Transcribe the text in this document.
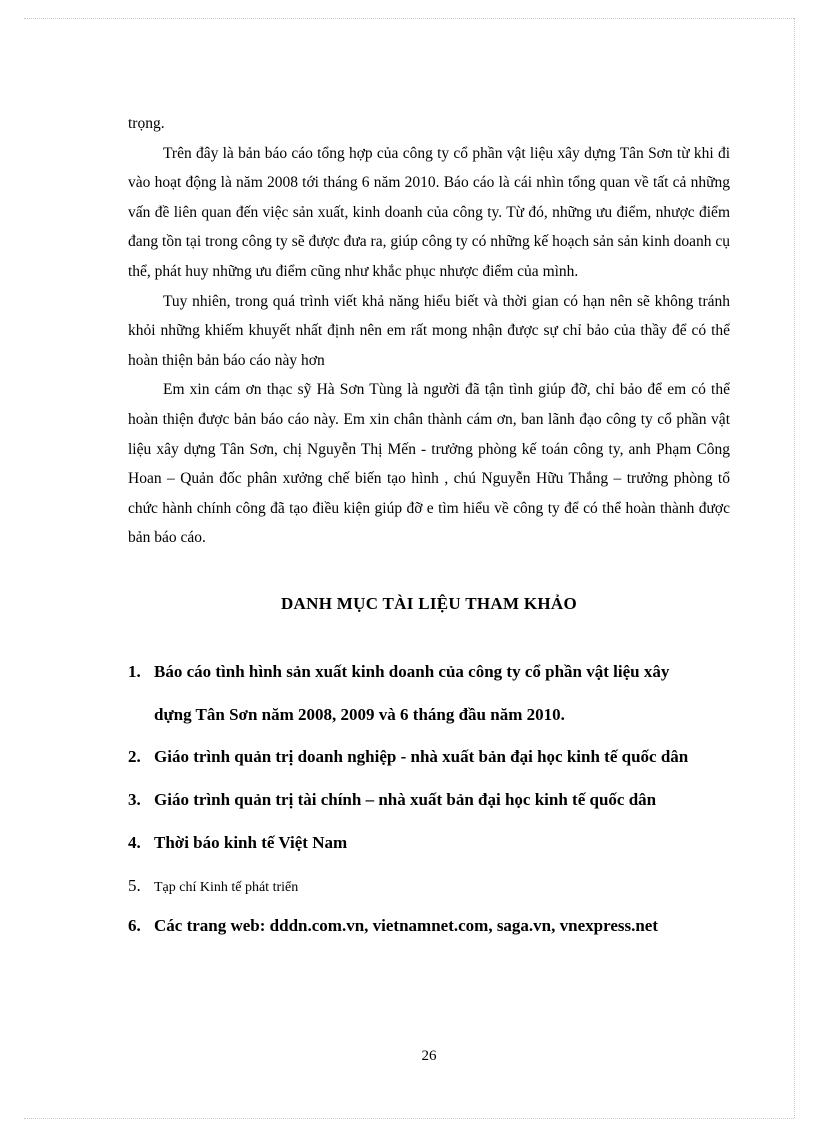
trọng.

Trên đây là bản báo cáo tổng hợp của công ty cổ phần vật liệu xây dựng Tân Sơn từ khi đi vào hoạt động là năm 2008 tới tháng 6 năm 2010. Báo cáo là cái nhìn tổng quan về tất cả những vấn đề liên quan đến việc sản xuất, kinh doanh của công ty. Từ đó, những ưu điểm, nhược điểm đang tồn tại trong công ty sẽ được đưa ra, giúp công ty có những kế hoạch sản sản kinh doanh cụ thể, phát huy những ưu điểm cũng như khắc phục nhược điểm của mình.

Tuy nhiên, trong quá trình viết khả năng hiểu biết và thời gian có hạn nên sẽ không tránh khỏi những khiếm khuyết nhất định nên em rất mong nhận được sự chỉ bảo của thầy để có thể hoàn thiện bản báo cáo này hơn

Em xin cám ơn thạc sỹ Hà Sơn Tùng là người đã tận tình giúp đỡ, chỉ bảo để em có thể hoàn thiện được bản báo cáo này. Em xin chân thành cám ơn, ban lãnh đạo công ty cổ phần vật liệu xây dựng Tân Sơn, chị Nguyễn Thị Mến - trưởng phòng kế toán công ty, anh Phạm Công Hoan – Quản đốc phân xưởng chế biến tạo hình , chú Nguyễn Hữu Thắng – trưởng phòng tổ chức hành chính công đã tạo điều kiện giúp đỡ e tìm hiểu về công ty để có thể hoàn thành được bản báo cáo.

DANH MỤC TÀI LIỆU THAM KHẢO
1. Báo cáo tình hình sản xuất kinh doanh của công ty cổ phần vật liệu xây
dựng Tân Sơn năm 2008, 2009 và 6 tháng đầu năm 2010.
2. Giáo trình quản trị doanh nghiệp - nhà xuất bản đại học kinh tế quốc dân
3. Giáo trình quản trị tài chính – nhà xuất bản đại học kinh tế quốc dân
4. Thời báo kinh tế Việt Nam
5. Tạp chí Kinh tế phát triển
6. Các trang web: dddn.com.vn, vietnamnet.com, saga.vn, vnexpress.net
26
